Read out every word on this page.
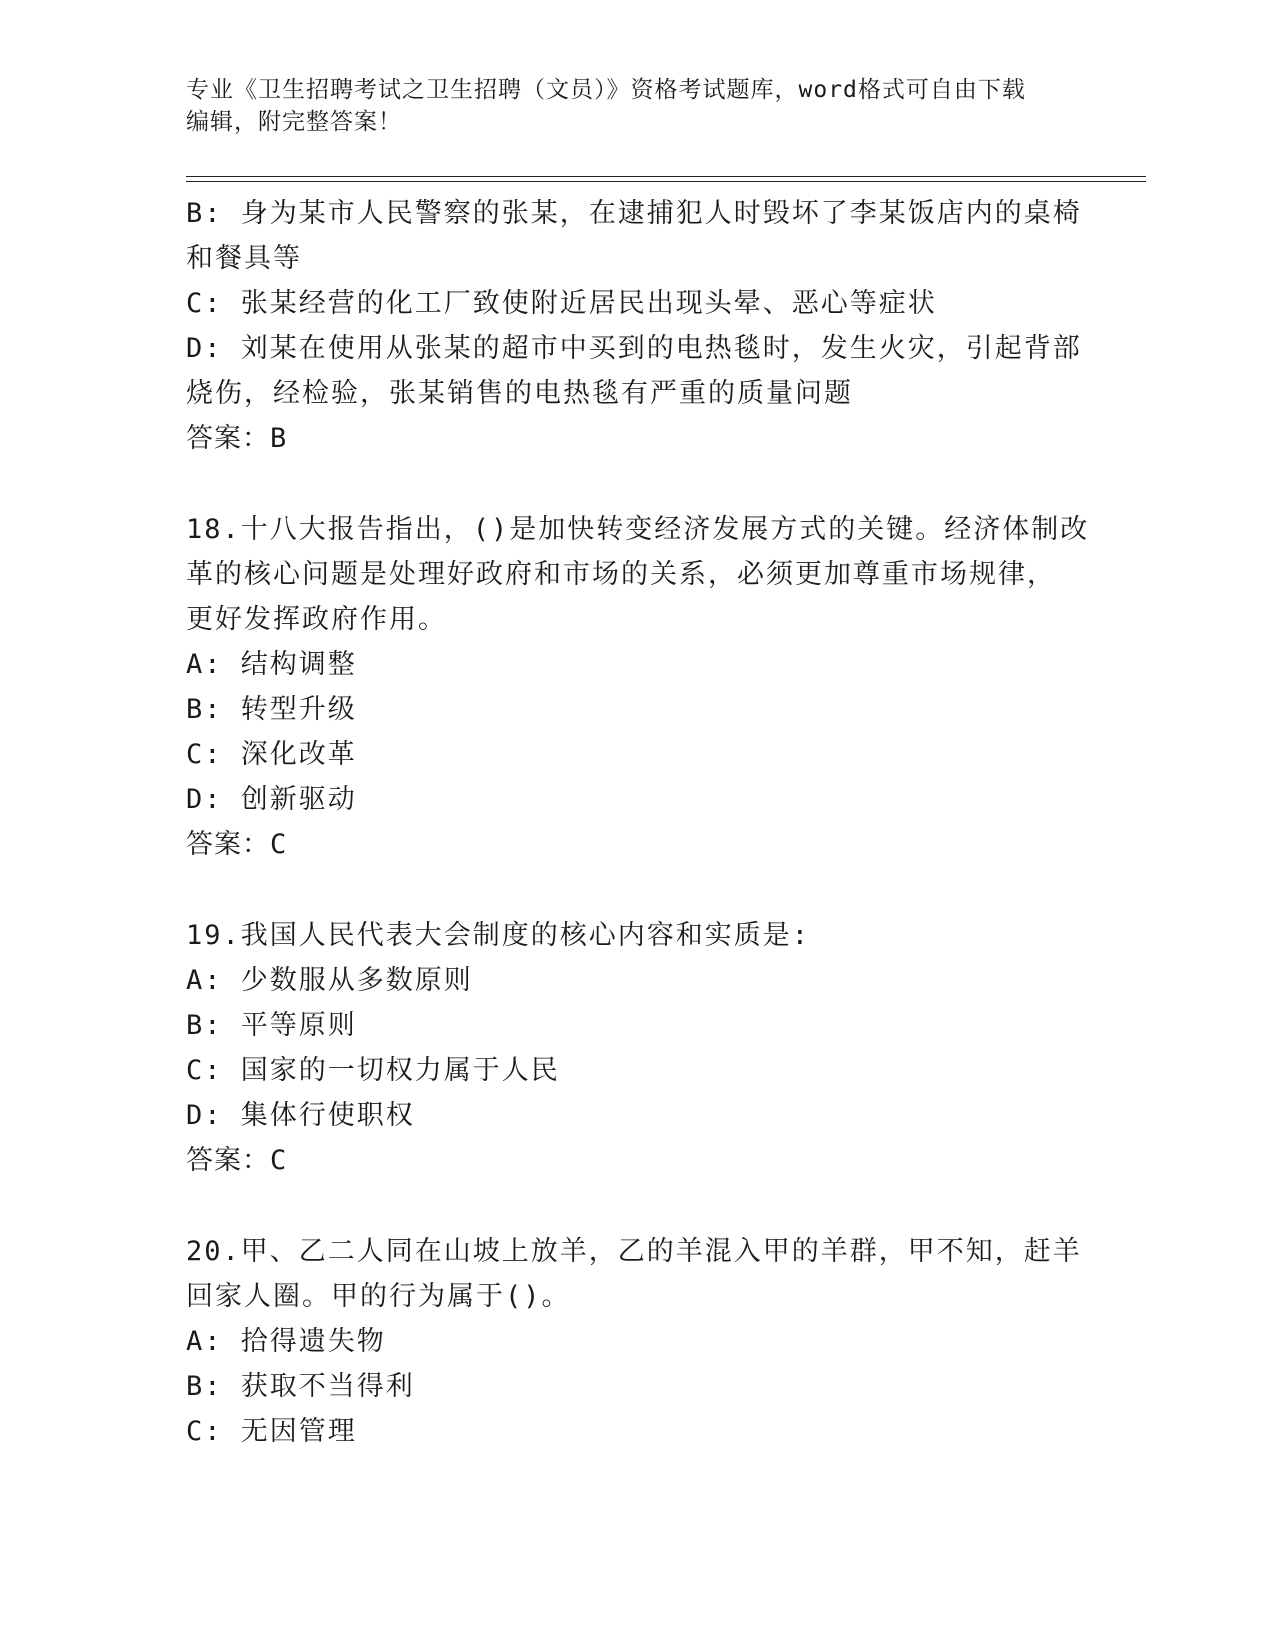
专业《卫生招聘考试之卫生招聘（文员）》资格考试题库，word格式可自由下载
编辑，附完整答案！
B: 身为某市人民警察的张某，在逮捕犯人时毁坏了李某饭店内的桌椅
和餐具等
C: 张某经营的化工厂致使附近居民出现头晕、恶心等症状
D: 刘某在使用从张某的超市中买到的电热毯时，发生火灾，引起背部
烧伤，经检验，张某销售的电热毯有严重的质量问题
答案：B
18.十八大报告指出，()是加快转变经济发展方式的关键。经济体制改
革的核心问题是处理好政府和市场的关系，必须更加尊重市场规律，
更好发挥政府作用。
A: 结构调整
B: 转型升级
C: 深化改革
D: 创新驱动
答案：C
19.我国人民代表大会制度的核心内容和实质是:
A: 少数服从多数原则
B: 平等原则
C: 国家的一切权力属于人民
D: 集体行使职权
答案：C
20.甲、乙二人同在山坡上放羊，乙的羊混入甲的羊群，甲不知，赶羊
回家人圈。甲的行为属于()。
A: 拾得遗失物
B: 获取不当得利
C: 无因管理
